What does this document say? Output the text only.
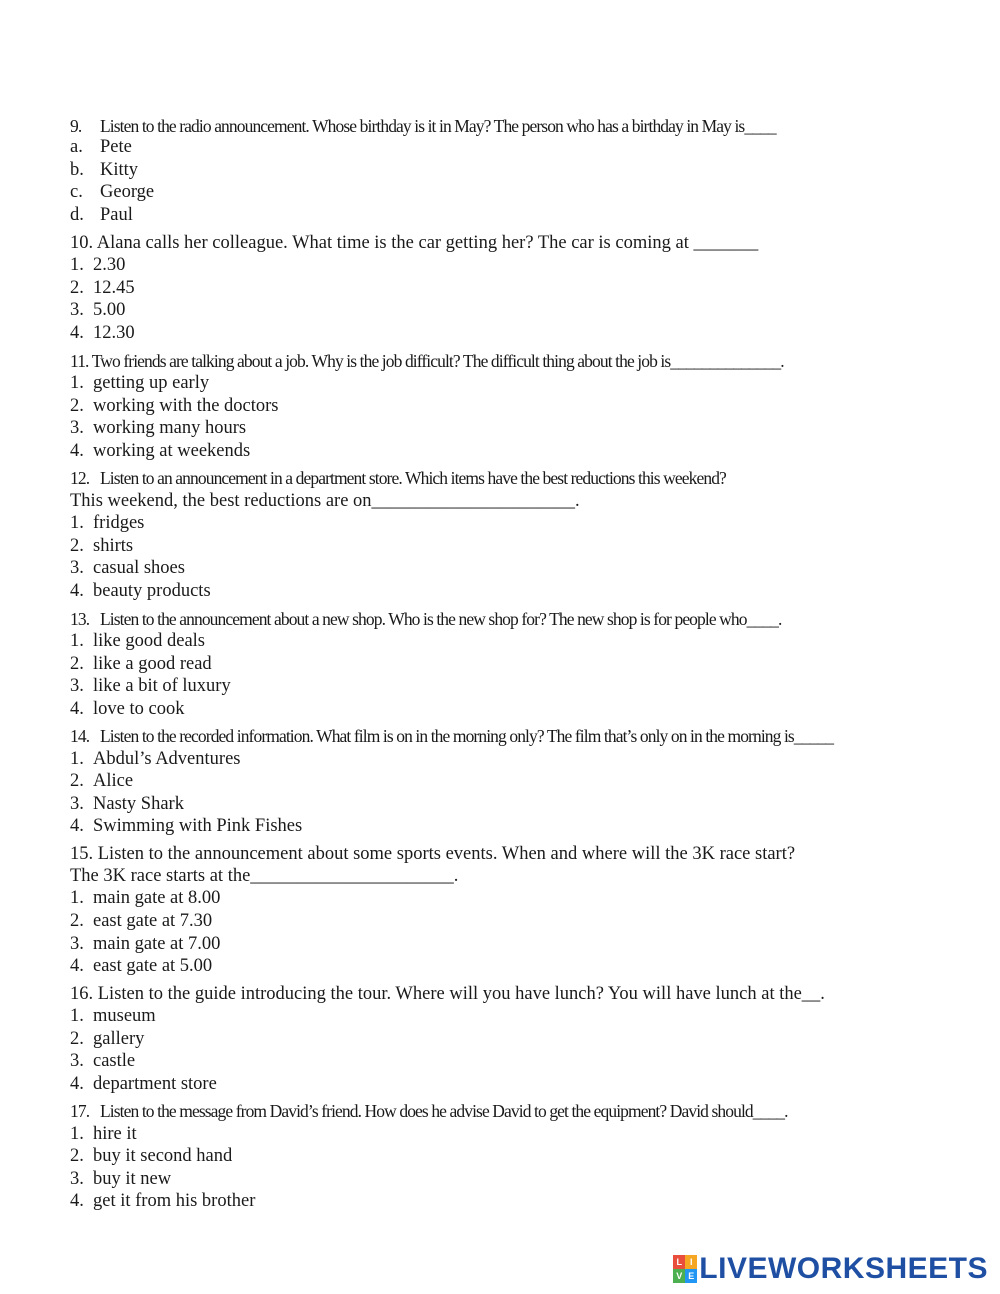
9. Listen to the radio announcement. Whose birthday is it in May? The person who has a birthday in May is____
a. Pete
b. Kitty
c. George
d. Paul
10. Alana calls her colleague. What time is the car getting her? The car is coming at _______
1. 2.30
2. 12.45
3. 5.00
4. 12.30
11. Two friends are talking about a job. Why is the job difficult? The difficult thing about the job is______________.
1. getting up early
2. working with the doctors
3. working many hours
4. working at weekends
12. Listen to an announcement in a department store. Which items have the best reductions this weekend?
This weekend, the best reductions are on______________________.
1. fridges
2. shirts
3. casual shoes
4. beauty products
13. Listen to the announcement about a new shop. Who is the new shop for? The new shop is for people who____.
1. like good deals
2. like a good read
3. like a bit of luxury
4. love to cook
14. Listen to the recorded information. What film is on in the morning only? The film that’s only on in the morning is_____
1. Abdul’s Adventures
2. Alice
3. Nasty Shark
4. Swimming with Pink Fishes
15. Listen to the announcement about some sports events. When and where will the 3K race start?
The 3K race starts at the______________________.
1. main gate at 8.00
2. east gate at 7.30
3. main gate at 7.00
4. east gate at 5.00
16. Listen to the guide introducing the tour. Where will you have lunch? You will have lunch at the__.
1. museum
2. gallery
3. castle
4. department store
17. Listen to the message from David’s friend. How does he advise David to get the equipment? David should____.
1. hire it
2. buy it second hand
3. buy it new
4. get it from his brother
L I
V E LIVEWORKSHEETS
